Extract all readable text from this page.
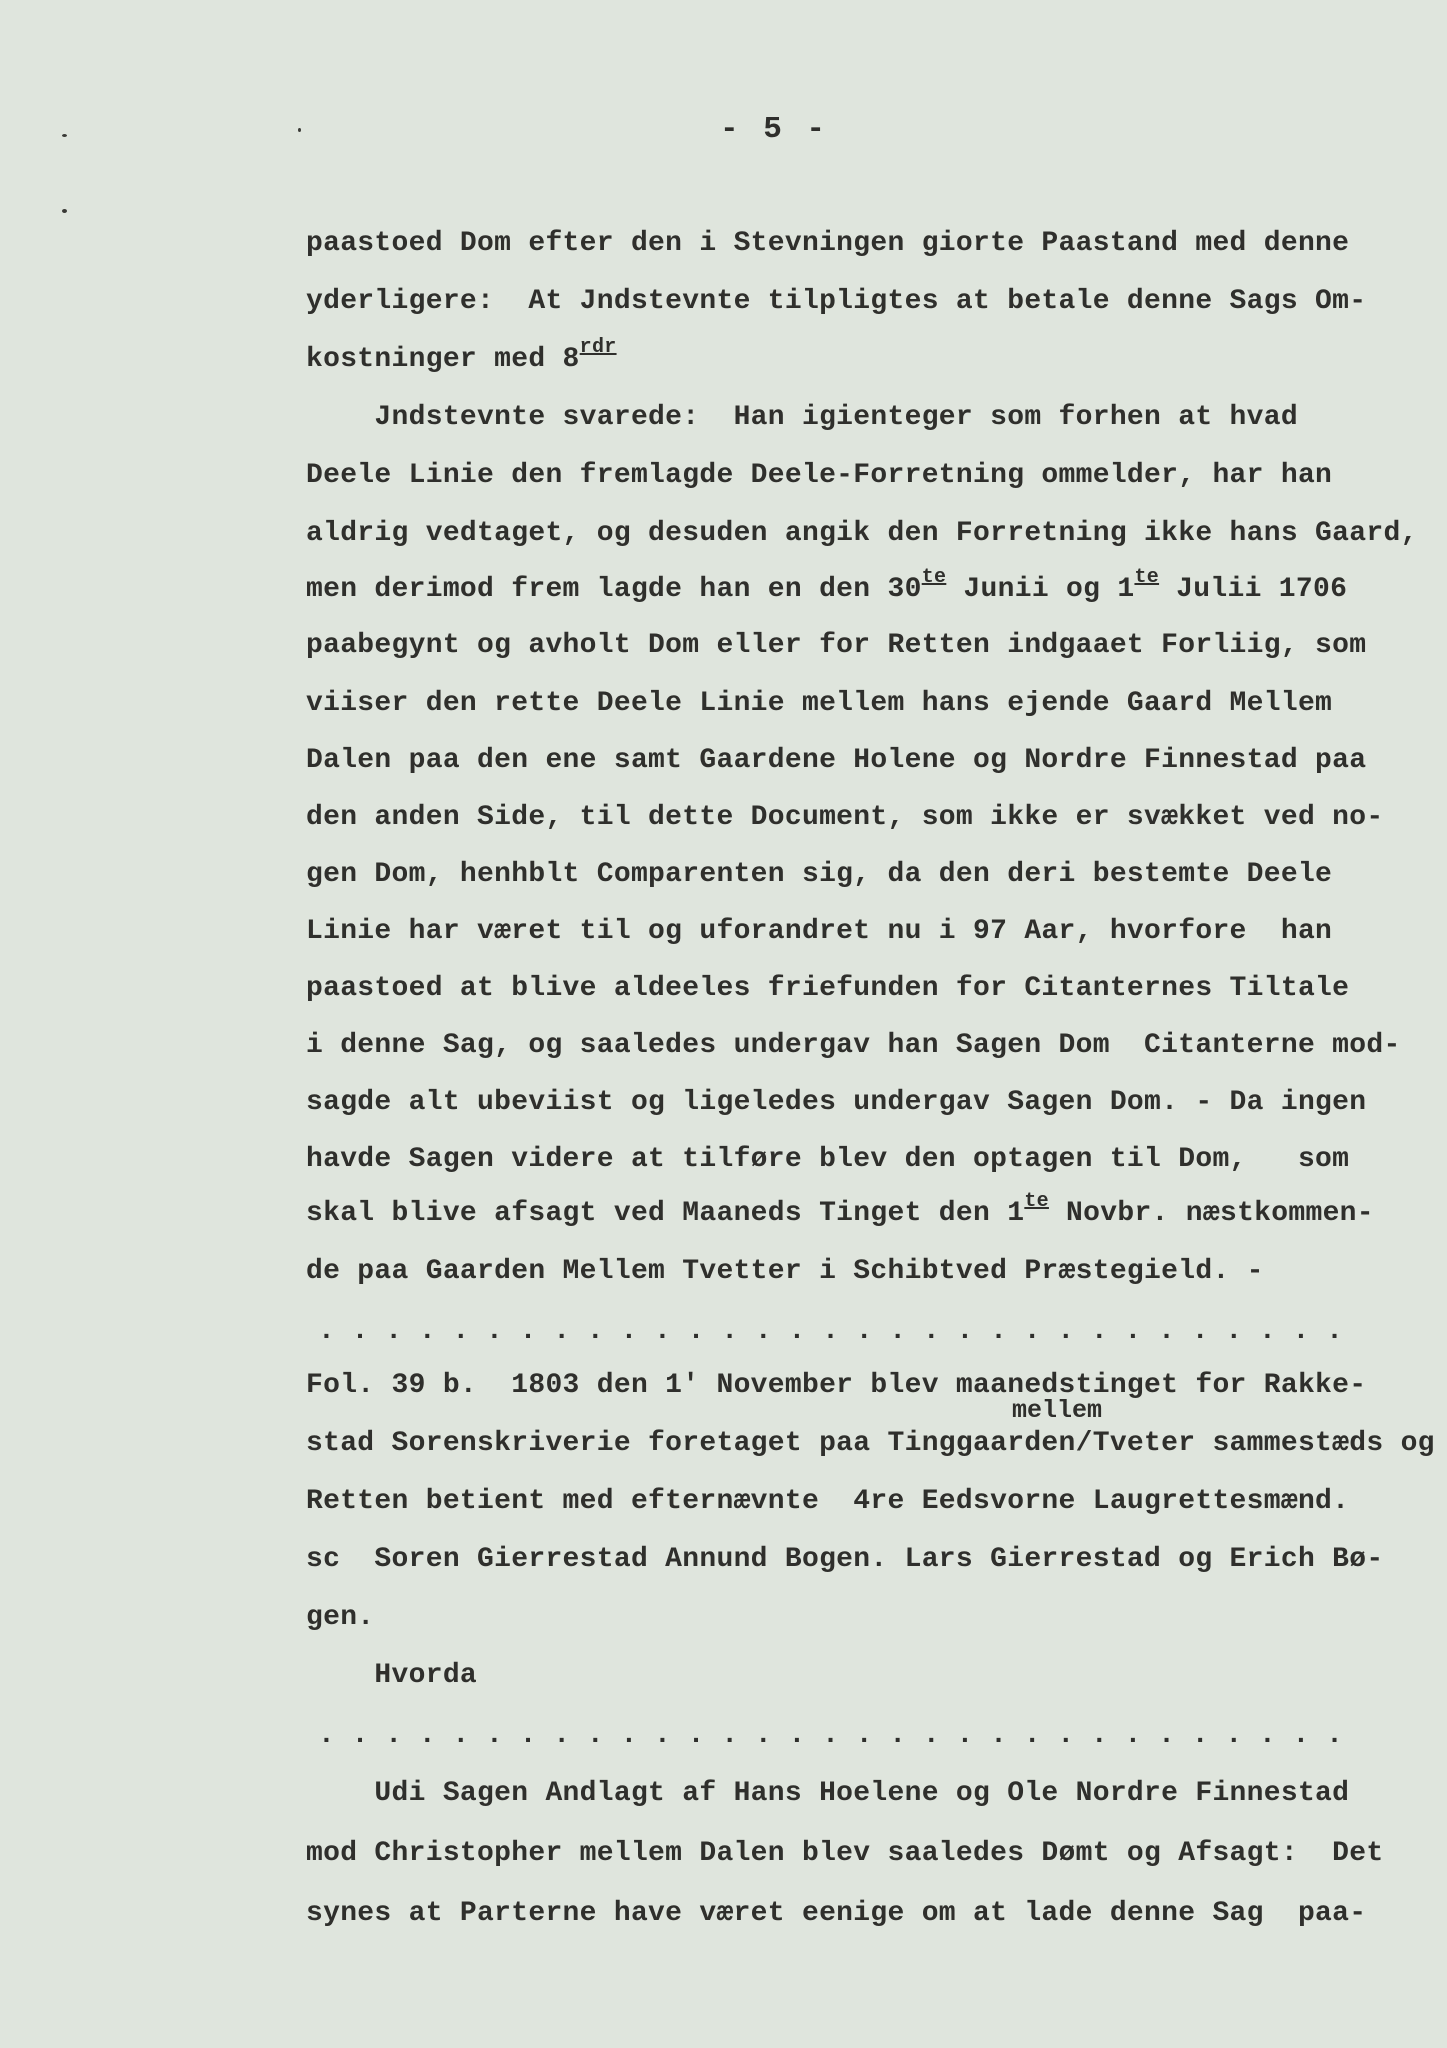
- 5 -
paastoed Dom efter den i Stevningen giorte Paastand med denne
yderligere:  At Jndstevnte tilpligtes at betale denne Sags Om-
kostninger med $8^{rdr}$
Jndstevnte svarede:  Han igienteger som forhen at hvad
Deele Linie den fremlagde Deele-Forretning ommelder, har han
aldrig vedtaget, og desuden angik den Forretning ikke hans Gaard,
men derimod frem lagde han en den $30^{te}$ Junii og $1^{te}$ Julii 1706
paabegynt og avholt Dom eller for Retten indgaaet Forliig, som
viiser den rette Deele Linie mellem hans ejende Gaard Mellem
Dalen paa den ene samt Gaardene Holene og Nordre Finnestad paa
den anden Side, til dette Document, som ikke er svækket ved no-
gen Dom, henhblt Comparenten sig, da den deri bestemte Deele
Linie har været til og uforandret nu i 97 Aar, hvorfore  han
paastoed at blive aldeeles friefunden for Citanternes Tiltale
i denne Sag, og saaledes undergav han Sagen Dom  Citanterne mod-
sagde alt ubeviist og ligeledes undergav Sagen Dom. - Da ingen
havde Sagen videre at tilføre blev den optagen til Dom,   som
skal blive afsagt ved Maaneds Tinget den $1^{te}$ Novbr. næstkommen-
de paa Gaarden Mellem Tvetter i Schibtved Præstegield. -
. . . . . . . . . . . . . . . . . . . . . . . . . . . . . . .
Fol. 39 b.  1803 den 1' November blev maanedstinget for Rakke-
mellem
stad Sorenskriverie foretaget paa Tinggaarden/Tveter sammestæds og
Retten betient med efternævnte  4re Eedsvorne Laugrettesmænd.
sc  Soren Gierrestad Annund Bogen. Lars Gierrestad og Erich Bø-
gen.
Hvorda
. . . . . . . . . . . . . . . . . . . . . . . . . . . . . . .
Udi Sagen Andlagt af Hans Hoelene og Ole Nordre Finnestad
mod Christopher mellem Dalen blev saaledes Dømt og Afsagt:  Det
synes at Parterne have været eenige om at lade denne Sag  paa-
